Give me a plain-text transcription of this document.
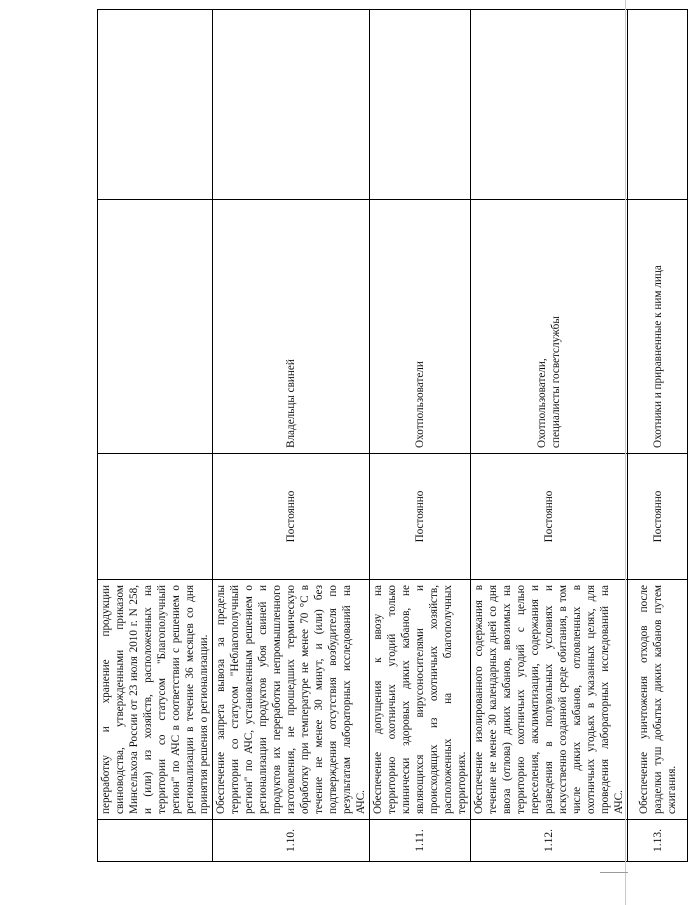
	переработку и хранение продукции свиноводства, утвержденными приказом Минсельхоза России от 23 июля 2010 г. N 258, и (или) из хозяйств, расположенных на территории со статусом "Благополучный регион" по АЧС в соответствии с решением о регионализации в течение 36 месяцев со дня принятия решения о регионализации.			
1.10.	Обеспечение запрета вывоза за пределы территории со статусом "Неблагополучный регион" по АЧС, установленным решением о регионализации продуктов убоя свиней и продуктов их переработки непромышленного изготовления, не прошедших термическую обработку при температуре не менее 70 °C в течение не менее 30 минут, и (или) без подтверждения отсутствия возбудителя по результатам лабораторных исследований на АЧС.	Постоянно	Владельцы свиней	
1.11.	Обеспечение допущения к ввозу на территорию охотничьих угодий только клинически здоровых диких кабанов, не являющихся вирусоносителями и происходящих из охотничьих хозяйств, расположенных на благополучных территориях.	Постоянно	Охотпользователи	
1.12.	Обеспечение изолированного содержания в течение не менее 30 календарных дней со дня ввоза (отлова) диких кабанов, ввозимых на территорию охотничьих угодий с целью переселения, акклиматизации, содержания и разведения в полувольных условиях и искусственно созданной среде обитания, в том числе диких кабанов, отловленных в охотничьих угодьях в указанных целях, для проведения лабораторных исследований на АЧС.	Постоянно	Охотпользователи,
специалисты госветслужбы	
1.13.	Обеспечение уничтожения отходов после разделки туш добытых диких кабанов путем сжигания.	Постоянно	Охотники и приравненные к ним лица	
